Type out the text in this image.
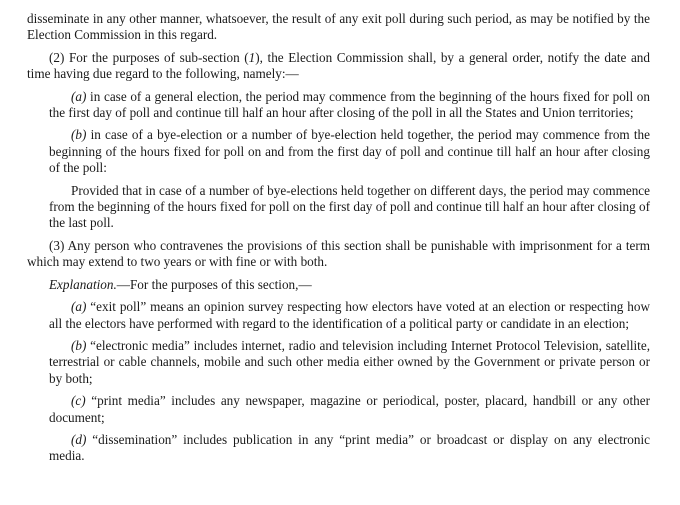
disseminate in any other manner, whatsoever, the result of any exit poll during such period, as may be notified by the Election Commission in this regard.

(2) For the purposes of sub-section (1), the Election Commission shall, by a general order, notify the date and time having due regard to the following, namely:—

(a) in case of a general election, the period may commence from the beginning of the hours fixed for poll on the first day of poll and continue till half an hour after closing of the poll in all the States and Union territories;

(b) in case of a bye-election or a number of bye-election held together, the period may commence from the beginning of the hours fixed for poll on and from the first day of poll and continue till half an hour after closing of the poll:

Provided that in case of a number of bye-elections held together on different days, the period may commence from the beginning of the hours fixed for poll on the first day of poll and continue till half an hour after closing of the last poll.

(3) Any person who contravenes the provisions of this section shall be punishable with imprisonment for a term which may extend to two years or with fine or with both.

Explanation.—For the purposes of this section,—

(a) “exit poll” means an opinion survey respecting how electors have voted at an election or respecting how all the electors have performed with regard to the identification of a political party or candidate in an election;

(b) “electronic media” includes internet, radio and television including Internet Protocol Television, satellite, terrestrial or cable channels, mobile and such other media either owned by the Government or private person or by both;

(c) “print media” includes any newspaper, magazine or periodical, poster, placard, handbill or any other document;

(d) “dissemination” includes publication in any “print media” or broadcast or display on any electronic media.
